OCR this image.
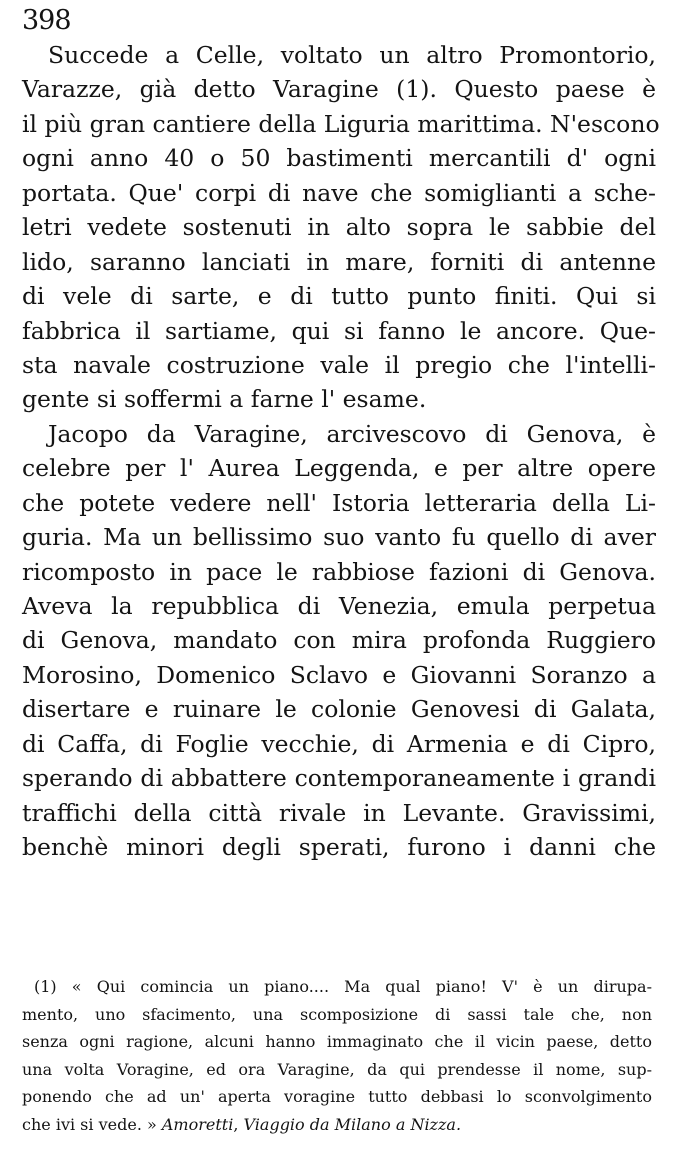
398
Succede a Celle, voltato un altro Promontorio,
Varazze, già detto Varagine (1). Questo paese è
il più gran cantiere della Liguria marittima. N'escono
ogni anno 40 o 50 bastimenti mercantili d' ogni
portata. Que' corpi di nave che somiglianti a sche-
letri vedete sostenuti in alto sopra le sabbie del
lido, saranno lanciati in mare, forniti di antenne
di vele di sarte, e di tutto punto finiti. Qui si
fabbrica il sartiame, qui si fanno le ancore. Que-
sta navale costruzione vale il pregio che l'intelli-
gente si soffermi a farne l' esame.
Jacopo da Varagine, arcivescovo di Genova, è
celebre per l' Aurea Leggenda, e per altre opere
che potete vedere nell' Istoria letteraria della Li-
guria. Ma un bellissimo suo vanto fu quello di aver
ricomposto in pace le rabbiose fazioni di Genova.
Aveva la repubblica di Venezia, emula perpetua
di Genova, mandato con mira profonda Ruggiero
Morosino, Domenico Sclavo e Giovanni Soranzo a
disertare e ruinare le colonie Genovesi di Galata,
di Caffa, di Foglie vecchie, di Armenia e di Cipro,
sperando di abbattere contemporaneamente i grandi
traffichi della città rivale in Levante. Gravissimi,
benchè minori degli sperati, furono i danni che
(1) « Qui comincia un piano.... Ma qual piano! V' è un dirupa-
mento, uno sfacimento, una scomposizione di sassi tale che, non
senza ogni ragione, alcuni hanno immaginato che il vicin paese, detto
una volta Voragine, ed ora Varagine, da qui prendesse il nome, sup-
ponendo che ad un' aperta voragine tutto debbasi lo sconvolgimento
che ivi si vede. » Amoretti, Viaggio da Milano a Nizza.
